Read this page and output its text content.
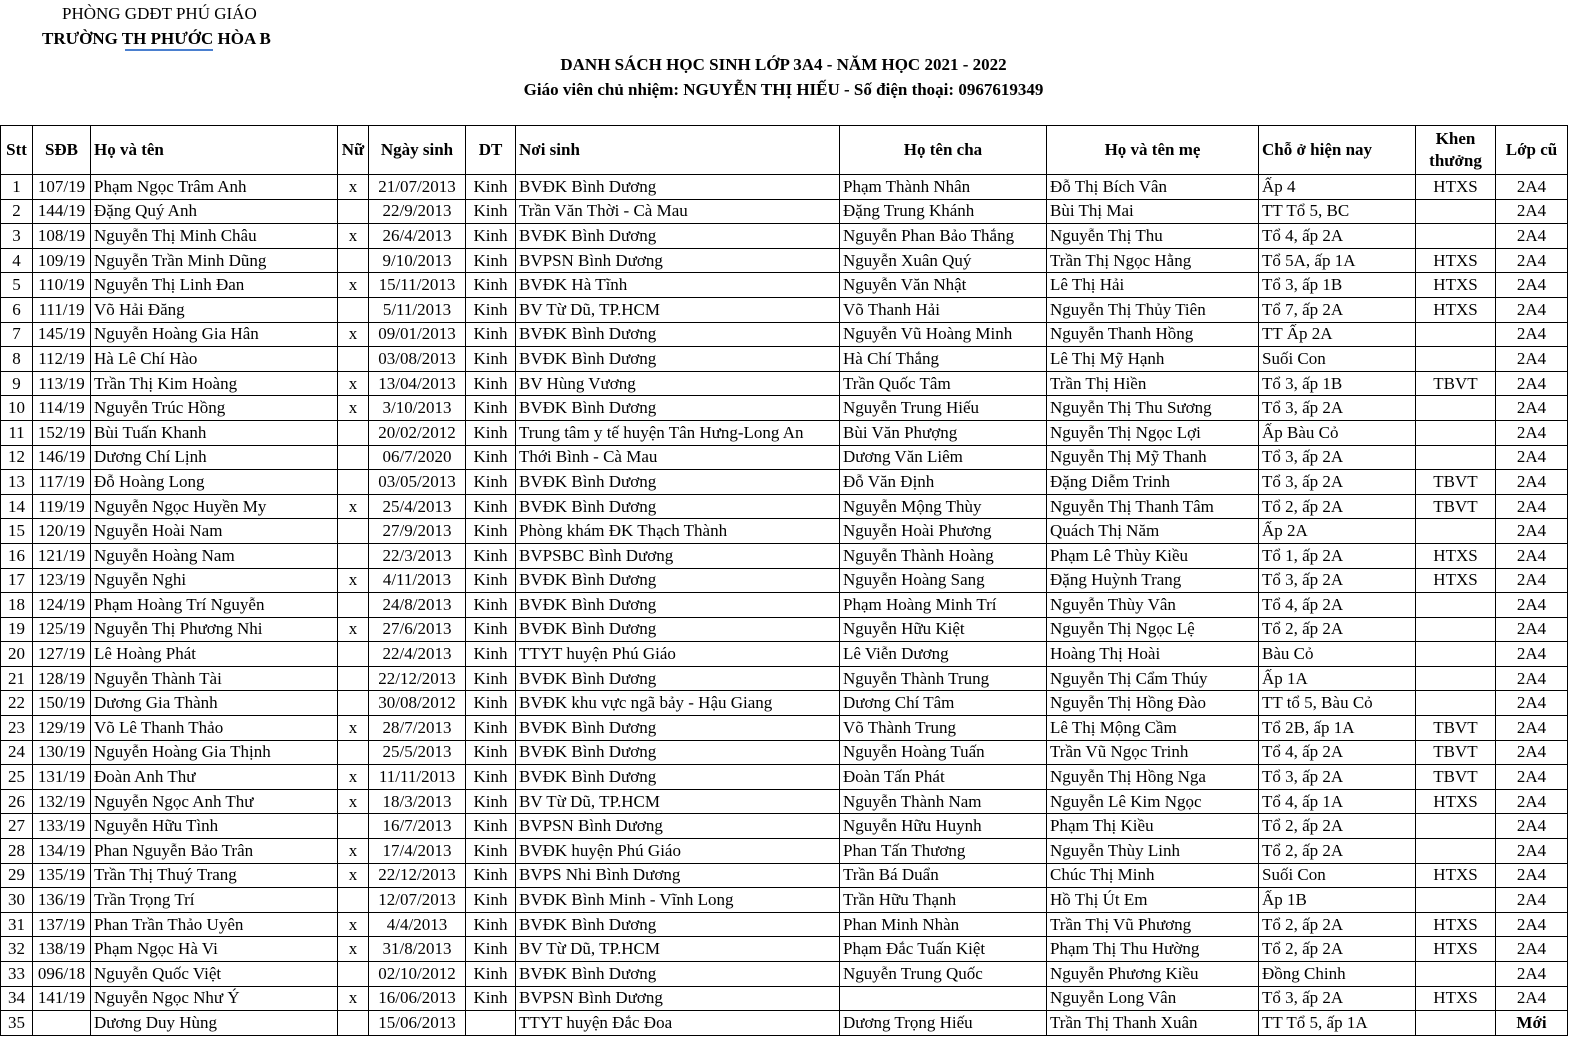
PHÒNG GDĐT PHÚ GIÁO
TRƯỜNG TH PHƯỚC HÒA B
DANH SÁCH HỌC SINH LỚP 3A4 - NĂM HỌC 2021 - 2022
Giáo viên chủ nhiệm: NGUYỄN THỊ HIẾU - Số điện thoại: 0967619349
Stt	SĐB	Họ và tên	Nữ	Ngày sinh	DT	Nơi sinh	Họ tên cha	Họ và tên mẹ	Chỗ ở hiện nay	Khen thưởng	Lớp cũ
1	107/19	Phạm Ngọc Trâm Anh	x	21/07/2013	Kinh	BVĐK Bình Dương	Phạm Thành Nhân	Đỗ Thị Bích Vân	Ấp 4	HTXS	2A4
2	144/19	Đặng Quý Anh		22/9/2013	Kinh	Trần Văn Thời - Cà Mau	Đặng Trung Khánh	Bùi Thị Mai	TT Tổ 5, BC		2A4
3	108/19	Nguyễn Thị Minh Châu	x	26/4/2013	Kinh	BVĐK Bình Dương	Nguyễn Phan Bảo Thắng	Nguyễn Thị Thu	Tổ 4, ấp 2A		2A4
4	109/19	Nguyễn Trần Minh Dũng		9/10/2013	Kinh	BVPSN Bình Dương	Nguyễn Xuân Quý	Trần Thị Ngọc Hằng	Tổ 5A, ấp 1A	HTXS	2A4
5	110/19	Nguyễn Thị Linh Đan	x	15/11/2013	Kinh	BVĐK Hà Tĩnh	Nguyễn Văn Nhật	Lê Thị Hải	Tổ 3, ấp 1B	HTXS	2A4
6	111/19	Võ Hải Đăng		5/11/2013	Kinh	BV Từ Dũ, TP.HCM	Võ Thanh Hải	Nguyễn Thị Thủy Tiên	Tổ 7, ấp 2A	HTXS	2A4
7	145/19	Nguyễn Hoàng Gia Hân	x	09/01/2013	Kinh	BVĐK Bình Dương	Nguyễn Vũ Hoàng Minh	Nguyễn Thanh Hồng	TT Ấp 2A		2A4
8	112/19	Hà Lê Chí Hào		03/08/2013	Kinh	BVĐK Bình Dương	Hà Chí Thắng	Lê Thị Mỹ Hạnh	Suối Con		2A4
9	113/19	Trần Thị Kim Hoàng	x	13/04/2013	Kinh	BV Hùng Vương	Trần Quốc Tâm	Trần Thị Hiền	Tổ 3, ấp 1B	TBVT	2A4
10	114/19	Nguyễn Trúc Hồng	x	3/10/2013	Kinh	BVĐK Bình Dương	Nguyễn Trung Hiếu	Nguyễn Thị Thu Sương	Tổ 3, ấp 2A		2A4
11	152/19	Bùi Tuấn Khanh		20/02/2012	Kinh	Trung tâm y tế huyện Tân Hưng-Long An	Bùi Văn Phượng	Nguyễn Thị Ngọc Lợi	Ấp Bàu Cỏ		2A4
12	146/19	Dương Chí Lịnh		06/7/2020	Kinh	Thới Bình - Cà Mau	Dương Văn Liêm	Nguyễn Thị Mỹ Thanh	Tổ 3, ấp 2A		2A4
13	117/19	Đỗ Hoàng Long		03/05/2013	Kinh	BVĐK Bình Dương	Đỗ Văn Định	Đặng Diễm Trinh	Tổ 3, ấp 2A	TBVT	2A4
14	119/19	Nguyễn Ngọc Huyền My	x	25/4/2013	Kinh	BVĐK Bình Dương	Nguyễn Mộng Thùy	Nguyễn Thị Thanh Tâm	Tổ 2, ấp 2A	TBVT	2A4
15	120/19	Nguyễn Hoài Nam		27/9/2013	Kinh	Phòng khám ĐK Thạch Thành	Nguyễn Hoài Phương	Quách Thị Năm	Ấp 2A		2A4
16	121/19	Nguyễn Hoàng Nam		22/3/2013	Kinh	BVPSBC Bình Dương	Nguyễn Thành Hoàng	Phạm Lê Thùy Kiều	Tổ 1, ấp 2A	HTXS	2A4
17	123/19	Nguyễn Nghi	x	4/11/2013	Kinh	BVĐK Bình Dương	Nguyễn Hoàng Sang	Đặng Huỳnh Trang	Tổ 3, ấp 2A	HTXS	2A4
18	124/19	Phạm Hoàng Trí Nguyễn		24/8/2013	Kinh	BVĐK Bình Dương	Phạm Hoàng Minh Trí	Nguyễn Thùy Vân	Tổ 4, ấp 2A		2A4
19	125/19	Nguyễn Thị Phương Nhi	x	27/6/2013	Kinh	BVĐK Bình Dương	Nguyễn Hữu Kiệt	Nguyễn Thị Ngọc Lệ	Tổ 2, ấp 2A		2A4
20	127/19	Lê Hoàng Phát		22/4/2013	Kinh	TTYT huyện Phú Giáo	Lê Viễn Dương	Hoàng Thị Hoài	Bàu Cỏ		2A4
21	128/19	Nguyễn Thành Tài		22/12/2013	Kinh	BVĐK Bình Dương	Nguyễn Thành Trung	Nguyễn Thị Cẩm Thúy	Ấp 1A		2A4
22	150/19	Dương Gia Thành		30/08/2012	Kinh	BVĐK khu vực ngã bảy - Hậu Giang	Dương Chí Tâm	Nguyễn Thị Hồng Đào	TT tổ 5, Bàu Cỏ		2A4
23	129/19	Võ Lê Thanh Thảo	x	28/7/2013	Kinh	BVĐK Bình Dương	Võ Thành Trung	Lê Thị Mộng Cầm	Tổ 2B, ấp 1A	TBVT	2A4
24	130/19	Nguyễn Hoàng Gia Thịnh		25/5/2013	Kinh	BVĐK Bình Dương	Nguyễn Hoàng Tuấn	Trần Vũ Ngọc Trinh	Tổ 4, ấp 2A	TBVT	2A4
25	131/19	Đoàn Anh Thư	x	11/11/2013	Kinh	BVĐK Bình Dương	Đoàn Tấn Phát	Nguyễn Thị Hồng Nga	Tổ 3, ấp 2A	TBVT	2A4
26	132/19	Nguyễn Ngọc Anh Thư	x	18/3/2013	Kinh	BV Từ Dũ, TP.HCM	Nguyễn Thành Nam	Nguyễn Lê Kim Ngọc	Tổ 4, ấp 1A	HTXS	2A4
27	133/19	Nguyễn Hữu Tình		16/7/2013	Kinh	BVPSN Bình Dương	Nguyễn Hữu Huynh	Phạm Thị Kiều	Tổ 2, ấp 2A		2A4
28	134/19	Phan Nguyễn Bảo Trân	x	17/4/2013	Kinh	BVĐK huyện Phú Giáo	Phan Tấn Thương	Nguyễn Thùy Linh	Tổ 2, ấp 2A		2A4
29	135/19	Trần Thị Thuý Trang	x	22/12/2013	Kinh	BVPS Nhi Bình Dương	Trần Bá Duẩn	Chúc Thị Minh	Suối Con	HTXS	2A4
30	136/19	Trần Trọng Trí		12/07/2013	Kinh	BVĐK Bình Minh - Vĩnh Long	Trần Hữu Thạnh	Hồ Thị Út Em	Ấp 1B		2A4
31	137/19	Phan Trần Thảo Uyên	x	4/4/2013	Kinh	BVĐK Bình Dương	Phan Minh Nhàn	Trần Thị Vũ Phương	Tổ 2, ấp 2A	HTXS	2A4
32	138/19	Phạm Ngọc Hà Vi	x	31/8/2013	Kinh	BV Từ Dũ, TP.HCM	Phạm Đắc Tuấn Kiệt	Phạm Thị Thu Hường	Tổ 2, ấp 2A	HTXS	2A4
33	096/18	Nguyễn Quốc Việt		02/10/2012	Kinh	BVĐK Bình Dương	Nguyễn Trung Quốc	Nguyễn Phương Kiều	Đồng Chinh		2A4
34	141/19	Nguyễn Ngọc Như Ý	x	16/06/2013	Kinh	BVPSN Bình Dương		Nguyễn Long Vân	Tổ 3, ấp 2A	HTXS	2A4
35		Dương Duy Hùng		15/06/2013		TTYT huyện Đắc Đoa	Dương Trọng Hiếu	Trần Thị Thanh Xuân	TT Tổ 5, ấp 1A		Mới
